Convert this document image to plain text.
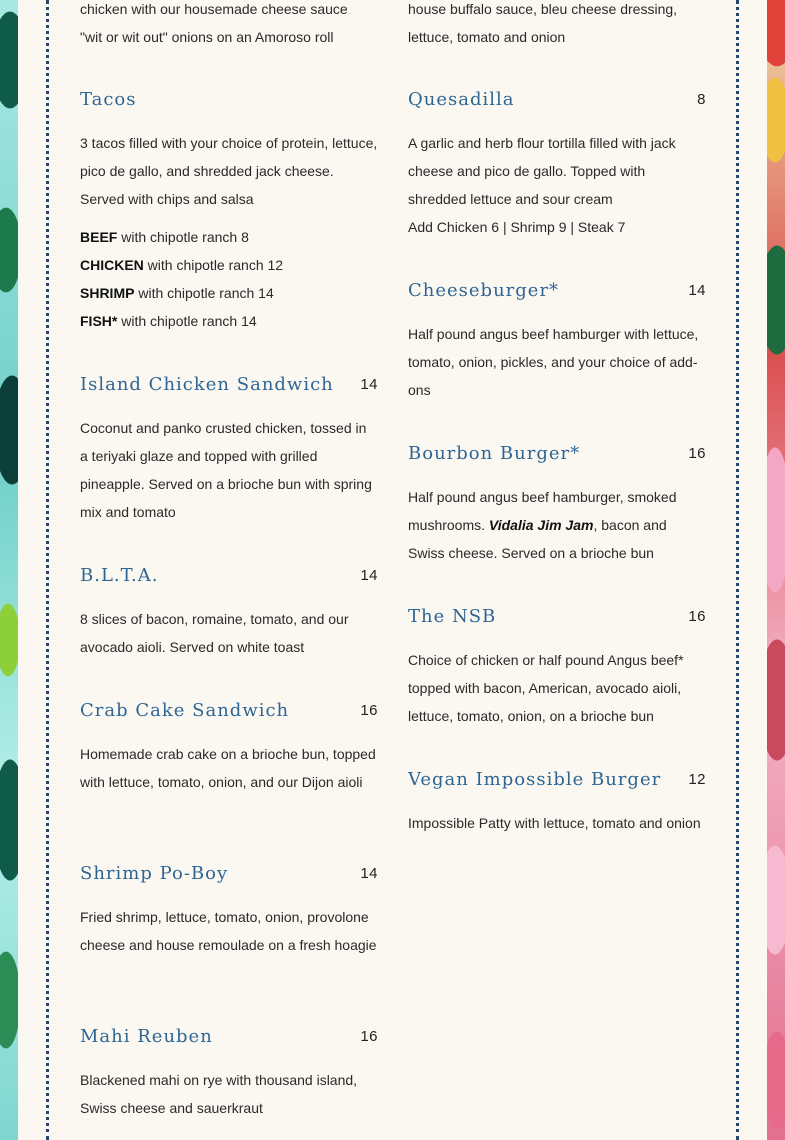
chicken with our housemade cheese sauce

"wit or wit out" onions on an Amoroso roll

Tacos

3 tacos filled with your choice of protein, lettuce, pico de gallo, and shredded jack cheese. Served with chips and salsa

BEEF with chipotle ranch 8
CHICKEN with chipotle ranch 12
SHRIMP with chipotle ranch 14
FISH* with chipotle ranch 14
Island Chicken Sandwich 14

Coconut and panko crusted chicken, tossed in a teriyaki glaze and topped with grilled pineapple. Served on a brioche bun with spring mix and tomato

B.L.T.A.	14

8 slices of bacon, romaine, tomato, and our avocado aioli. Served on white toast

Crab Cake Sandwich	16

Homemade crab cake on a brioche bun, topped with lettuce, tomato, onion, and our Dijon aioli

Shrimp Po-Boy	14

Fried shrimp, lettuce, tomato, onion, provolone cheese and house remoulade on a fresh hoagie

Mahi Reuben	16

Blackened mahi on rye with thousand island, Swiss cheese and sauerkraut

house buffalo sauce, bleu cheese dressing,

lettuce, tomato and onion

Quesadilla	8

A garlic and herb flour tortilla filled with jack cheese and pico de gallo. Topped with shredded lettuce and sour cream

Add Chicken 6 | Shrimp 9 | Steak 7

Cheeseburger*	14

Half pound angus beef hamburger with lettuce, tomato, onion, pickles, and your choice of add-ons

Bourbon Burger*	16

Half pound angus beef hamburger, smoked mushrooms. Vidalia Jim Jam, bacon and Swiss cheese. Served on a brioche bun

The NSB	16

Choice of chicken or half pound Angus beef* topped with bacon, American, avocado aioli, lettuce, tomato, onion, on a brioche bun

Vegan Impossible Burger 12

Impossible Patty with lettuce, tomato and onion
